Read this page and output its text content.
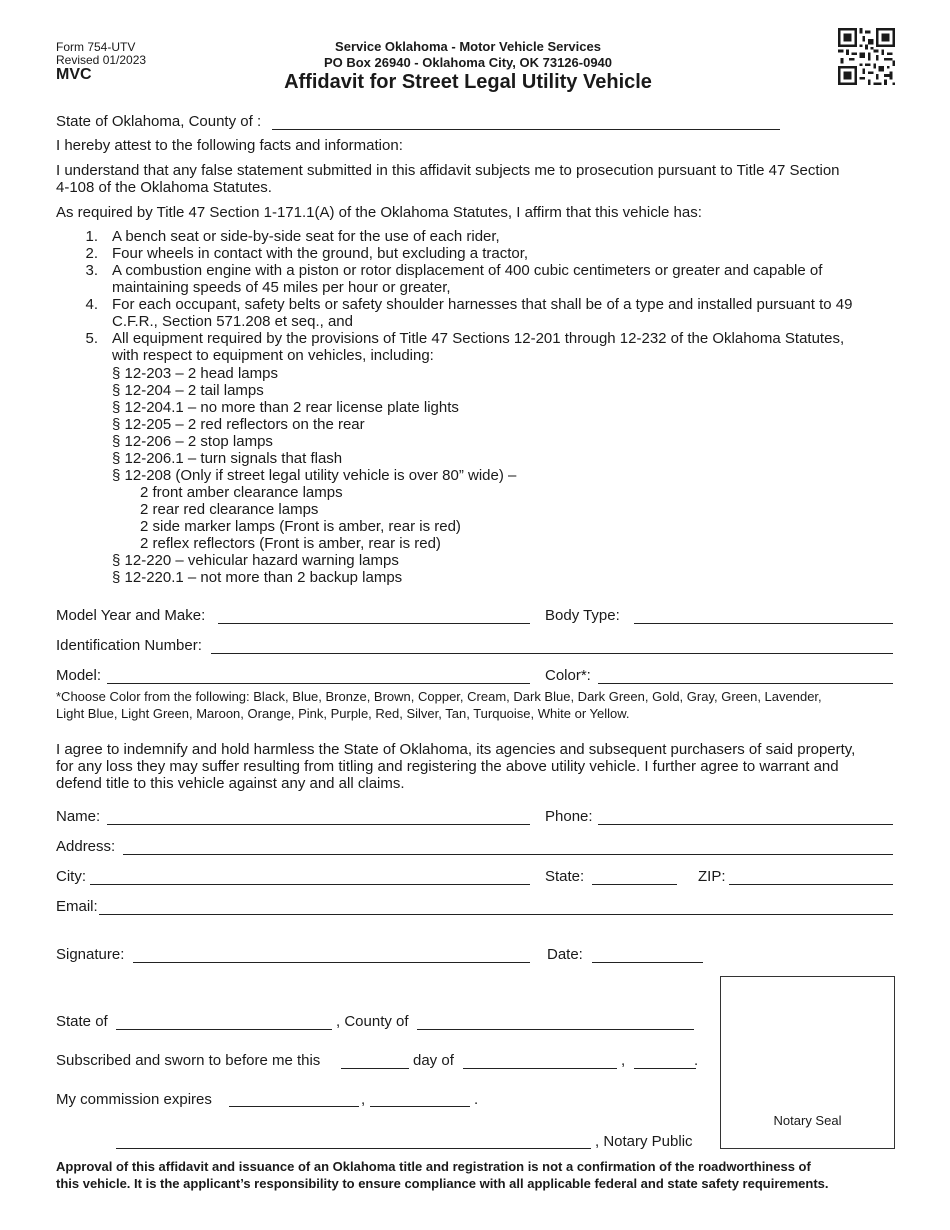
Form 754-UTV
Revised 01/2023
MVC
Service Oklahoma - Motor Vehicle Services
PO Box 26940 - Oklahoma City, OK 73126-0940
Affidavit for Street Legal Utility Vehicle
State of Oklahoma, County of :
I hereby attest to the following facts and information:
I understand that any false statement submitted in this affidavit subjects me to prosecution pursuant to Title 47 Section
4-108 of the Oklahoma Statutes.
As required by Title 47 Section 1-171.1(A) of the Oklahoma Statutes, I affirm that this vehicle has:
1. A bench seat or side-by-side seat for the use of each rider,
2. Four wheels in contact with the ground, but excluding a tractor,
3. A combustion engine with a piston or rotor displacement of 400 cubic centimeters or greater and capable of
maintaining speeds of 45 miles per hour or greater,
4. For each occupant, safety belts or safety shoulder harnesses that shall be of a type and installed pursuant to 49
C.F.R., Section 571.208 et seq., and
5. All equipment required by the provisions of Title 47 Sections 12-201 through 12-232 of the Oklahoma Statutes,
with respect to equipment on vehicles, including:
§ 12-203 – 2 head lamps
§ 12-204 – 2 tail lamps
§ 12-204.1 – no more than 2 rear license plate lights
§ 12-205 – 2 red reflectors on the rear
§ 12-206 – 2 stop lamps
§ 12-206.1 – turn signals that flash
§ 12-208 (Only if street legal utility vehicle is over 80” wide) –
2 front amber clearance lamps
2 rear red clearance lamps
2 side marker lamps (Front is amber, rear is red)
2 reflex reflectors (Front is amber, rear is red)
§ 12-220 – vehicular hazard warning lamps
§ 12-220.1 – not more than 2 backup lamps
Model Year and Make:	Body Type:
Identification Number:
Model:	Color*:
*Choose Color from the following: Black, Blue, Bronze, Brown, Copper, Cream, Dark Blue, Dark Green, Gold, Gray, Green, Lavender,
Light Blue, Light Green, Maroon, Orange, Pink, Purple, Red, Silver, Tan, Turquoise, White or Yellow.
I agree to indemnify and hold harmless the State of Oklahoma, its agencies and subsequent purchasers of said property,
for any loss they may suffer resulting from titling and registering the above utility vehicle. I further agree to warrant and
defend title to this vehicle against any and all claims.
Name:	Phone:
Address:
City:	State:	ZIP:
Email:
Signature:	Date:
State of	, County of
Subscribed and sworn to before me this	day of	,	.
My commission expires	,	.
, Notary Public
Notary Seal
Approval of this affidavit and issuance of an Oklahoma title and registration is not a confirmation of the roadworthiness of
this vehicle. It is the applicant’s responsibility to ensure compliance with all applicable federal and state safety requirements.
